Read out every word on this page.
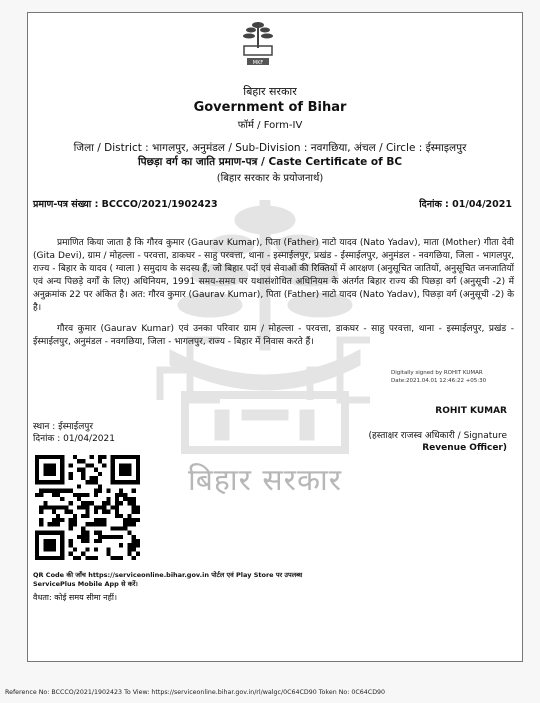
बिहार सरकार
MKF
बिहार सरकार
Government of Bihar
फॉर्म / Form-IV
जिला / District : भागलपुर, अनुमंडल / Sub-Division : नवगछिया, अंचल / Circle : ईस्माइलपुर
पिछड़ा वर्ग का जाति प्रमाण-पत्र / Caste Certificate of BC
(बिहार सरकार के प्रयोजनार्थ)
प्रमाण-पत्र संख्या : BCCCO/2021/1902423	दिनांक : 01/04/2021
प्रमाणित किया जाता है कि गौरव कुमार (Gaurav Kumar), पिता (Father) नाटो यादव (Nato Yadav), माता (Mother) गीता देवी (Gita Devi), ग्राम / मोहल्ला - परवत्ता, डाकघर - साहु परवत्ता, थाना - इस्माईलपुर, प्रखंड - ईस्माईलपुर, अनुमंडल - नवगछिया, जिला - भागलपुर, राज्य - बिहार के यादव ( ग्वाला ) समुदाय के सदस्य हैं, जो बिहार पदों एवं सेवाओं की रिक्तियों में आरक्षण (अनुसूचित जातियों, अनुसूचित जनजातियों एवं अन्य पिछड़े वर्गों के लिए) अधिनियम, 1991 समय-समय पर यथासंशोधित अधिनियम के अंतर्गत बिहार राज्य की पिछड़ा वर्ग (अनुसूची -2) में अनुक्रमांक 22 पर अंकित है। अत: गौरव कुमार (Gaurav Kumar), पिता (Father) नाटो यादव (Nato Yadav), पिछड़ा वर्ग (अनुसूची -2) के है।
गौरव कुमार (Gaurav Kumar) एवं उनका परिवार ग्राम / मोहल्ला - परवत्ता, डाकघर - साहु परवत्ता, थाना - इस्माईलपुर, प्रखंड - ईस्माईलपुर, अनुमंडल - नवगछिया, जिला - भागलपुर, राज्य - बिहार में निवास करते हैं।
Digitally signed by ROHIT KUMAR
Date:2021.04.01 12:46:22 +05:30
ROHIT KUMAR
स्थान : ईस्माईलपुर
दिनांक : 01/04/2021	(हस्ताक्षर राजस्व अधिकारी / Signature
Revenue Officer)
QR Code की जाँच https://serviceonline.bihar.gov.in पोर्टल एवं Play Store पर उपलब्ध ServicePlus Mobile App से करें।
वैधता: कोई समय सीमा नहीं।
Reference No: BCCCO/2021/1902423 To View: https://serviceonline.bihar.gov.in/rl/walgc/0C64CD90 Token No: 0C64CD90
